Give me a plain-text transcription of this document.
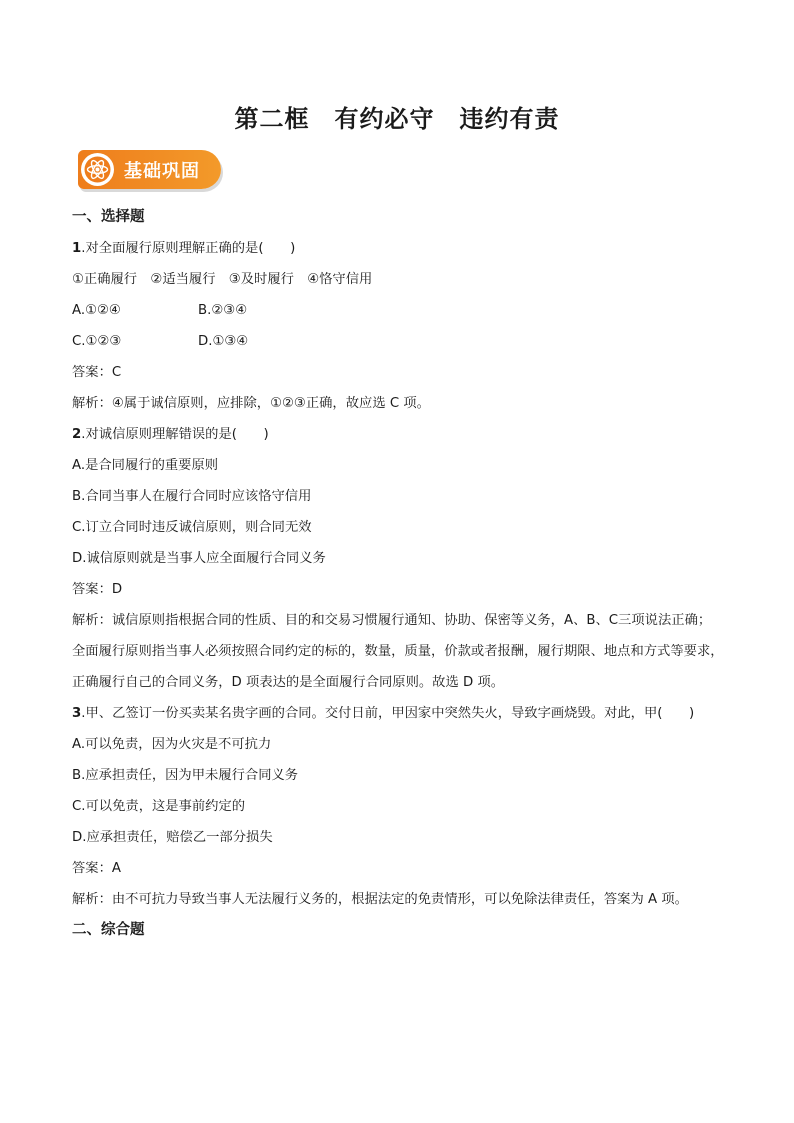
第二框　有约必守　违约有责
基础巩固

一、选择题

1.对全面履行原则理解正确的是(　　)

①正确履行　②适当履行　③及时履行　④恪守信用

A.①②④	B.②③④

C.①②③	D.①③④

答案：C

解析：④属于诚信原则，应排除，①②③正确，故应选 C 项。

2.对诚信原则理解错误的是(　　)

A.是合同履行的重要原则

B.合同当事人在履行合同时应该恪守信用

C.订立合同时违反诚信原则，则合同无效

D.诚信原则就是当事人应全面履行合同义务

答案：D

解析：诚信原则指根据合同的性质、目的和交易习惯履行通知、协助、保密等义务，A、B、C三项说法正确；全面履行原则指当事人必须按照合同约定的标的，数量，质量，价款或者报酬，履行期限、地点和方式等要求，正确履行自己的合同义务，D 项表达的是全面履行合同原则。故选 D 项。

3.甲、乙签订一份买卖某名贵字画的合同。交付日前，甲因家中突然失火，导致字画烧毁。对此，甲(　　)

A.可以免责，因为火灾是不可抗力

B.应承担责任，因为甲未履行合同义务

C.可以免责，这是事前约定的

D.应承担责任，赔偿乙一部分损失

答案：A

解析：由不可抗力导致当事人无法履行义务的，根据法定的免责情形，可以免除法律责任，答案为 A 项。

二、综合题
